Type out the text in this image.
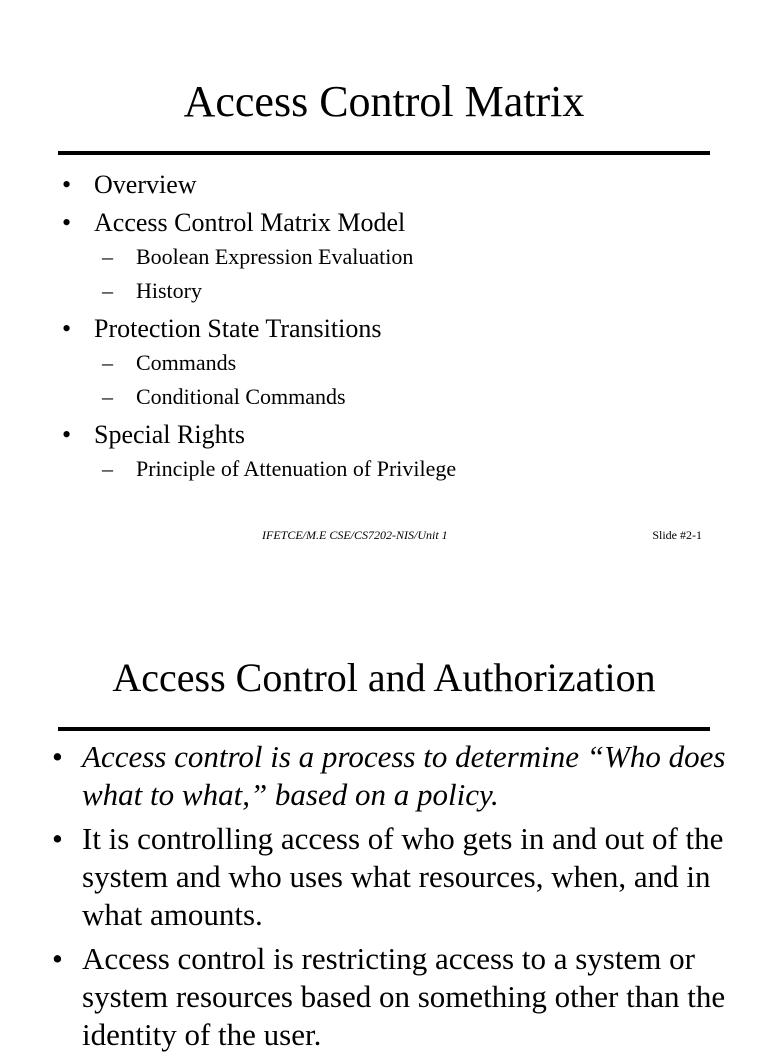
Access Control Matrix
• Overview
• Access Control Matrix Model
– Boolean Expression Evaluation
– History
• Protection State Transitions
– Commands
– Conditional Commands
• Special Rights
– Principle of Attenuation of Privilege
IFETCE/M.E CSE/CS7202-NIS/Unit 1	Slide #2-1
Access Control and Authorization
• Access control is a process to determine “Who does what to what,” based on a policy.
• It is controlling access of who gets in and out of the system and who uses what resources, when, and in what amounts.
• Access control is restricting access to a system or system resources based on something other than the identity of the user.
